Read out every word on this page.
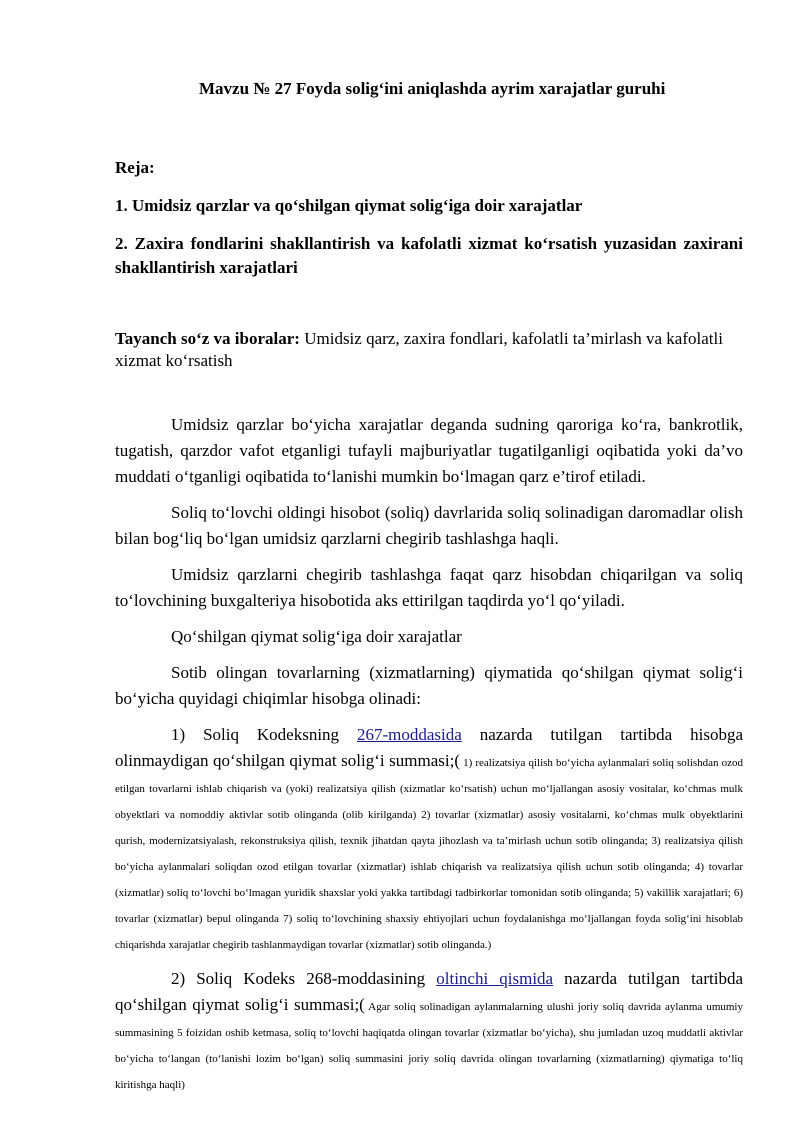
Mavzu № 27 Foyda solig‘ini aniqlashda ayrim xarajatlar guruhi
Reja:
1. Umidsiz qarzlar va qo‘shilgan qiymat solig‘iga doir xarajatlar
2. Zaxira fondlarini shakllantirish va kafolatli xizmat ko‘rsatish yuzasidan zaxirani shakllantirish xarajatlari
Tayanch so‘z va iboralar: Umidsiz qarz, zaxira fondlari, kafolatli ta’mirlash va kafolatli xizmat ko‘rsatish

Umidsiz qarzlar bo‘yicha xarajatlar deganda sudning qaroriga ko‘ra, bankrotlik, tugatish, qarzdor vafot etganligi tufayli majburiyatlar tugatilganligi oqibatida yoki da’vo muddati o‘tganligi oqibatida to‘lanishi mumkin bo‘lmagan qarz e’tirof etiladi.

Soliq to‘lovchi oldingi hisobot (soliq) davrlarida soliq solinadigan daromadlar olish bilan bog‘liq bo‘lgan umidsiz qarzlarni chegirib tashlashga haqli.

Umidsiz qarzlarni chegirib tashlashga faqat qarz hisobdan chiqarilgan va soliq to‘lovchining buxgalteriya hisobotida aks ettirilgan taqdirda yo‘l qo‘yiladi.

Qo‘shilgan qiymat solig‘iga doir xarajatlar

Sotib olingan tovarlarning (xizmatlarning) qiymatida qo‘shilgan qiymat solig‘i bo‘yicha quyidagi chiqimlar hisobga olinadi:

1) Soliq Kodeksning 267-moddasida nazarda tutilgan tartibda hisobga olinmaydigan qo‘shilgan qiymat solig‘i summasi;( 1) realizatsiya qilish bo‘yicha aylanmalari soliq solishdan ozod etilgan tovarlarni ishlab chiqarish va (yoki) realizatsiya qilish (xizmatlar ko‘rsatish) uchun mo‘ljallangan asosiy vositalar, ko‘chmas mulk obyektlari va nomoddiy aktivlar sotib olinganda (olib kirilganda) 2) tovarlar (xizmatlar) asosiy vositalarni, ko‘chmas mulk obyektlarini qurish, modernizatsiyalash, rekonstruksiya qilish, texnik jihatdan qayta jihozlash va ta’mirlash uchun sotib olinganda; 3) realizatsiya qilish bo‘yicha aylanmalari soliqdan ozod etilgan tovarlar (xizmatlar) ishlab chiqarish va realizatsiya qilish uchun sotib olinganda; 4) tovarlar (xizmatlar) soliq to‘lovchi bo‘lmagan yuridik shaxslar yoki yakka tartibdagi tadbirkorlar tomonidan sotib olinganda; 5) vakillik xarajatlari; 6) tovarlar (xizmatlar) bepul olinganda 7) soliq to‘lovchining shaxsiy ehtiyojlari uchun foydalanishga mo‘ljallangan foyda solig‘ini hisoblab chiqarishda xarajatlar chegirib tashlanmaydigan tovarlar (xizmatlar) sotib olinganda.)

2) Soliq Kodeks 268-moddasining oltinchi qismida nazarda tutilgan tartibda qo‘shilgan qiymat solig‘i summasi;( Agar soliq solinadigan aylanmalarning ulushi joriy soliq davrida aylanma umumiy summasining 5 foizidan oshib ketmasa, soliq to‘lovchi haqiqatda olingan tovarlar (xizmatlar bo‘yicha), shu jumladan uzoq muddatli aktivlar bo‘yicha to‘langan (to‘lanishi lozim bo‘lgan) soliq summasini joriy soliq davrida olingan tovarlarning (xizmatlarning) qiymatiga to‘liq kiritishga haqli)
